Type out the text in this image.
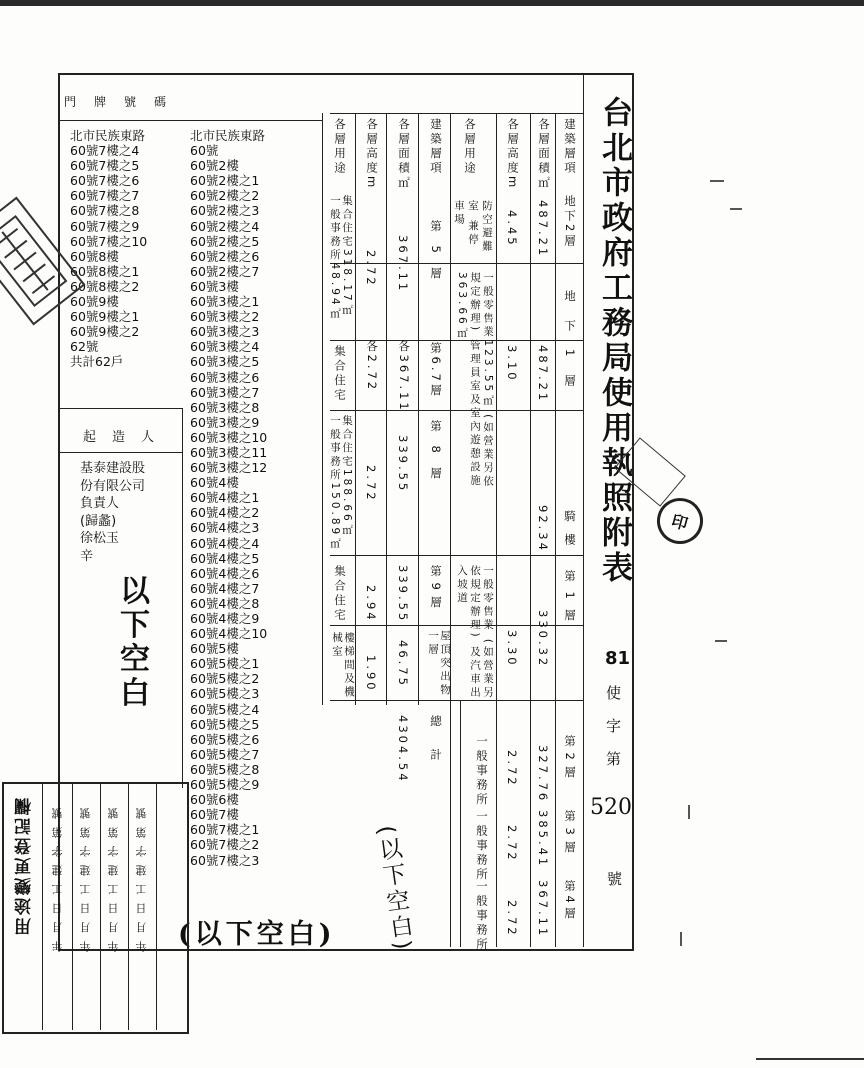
台北市政府工務局使用執照附表
81
使字第
520
號
建築層項
各層面積㎡
各層高度m
各層用途
地下2層
487.21
4.45
防空避難室 兼停車場
地下1層
487.21
3.10
一般零售業123.55㎡ (如營業另依規定辦理) 管理員室及室內遊憩設施363.66㎡
騎樓
92.34
第1層
330.32
3.30
一般零售業 (如營業另依規定辦理) 及汽車出入坡道
第2層
327.76
2.72
一般事務所
第3層
385.41
2.72
一般事務所
第4層
367.11
2.72
一般事務所
建築層項
各層面積㎡
各層高度m
各層用途
第5層
367.11
2.72
集合住宅318.17㎡ 一般事務所48.94㎡
第6.7層
各367.11
各2.72
集合住宅
第8層
339.55
2.72
集合住宅188.66㎡ 一般事務所150.89㎡
第9層
339.55
2.94
集合住宅
屋頂突出物一層
46.75
1.90
樓梯間及機械室
總計
4304.54
門牌號碼
北市民族東路
60號7樓之4
60號7樓之5
60號7樓之6
60號7樓之7
60號7樓之8
60號7樓之9
60號7樓之10
60號8樓
60號8樓之1
60號8樓之2
60號9樓
60號9樓之1
60號9樓之2
62號
共計62戶
北市民族東路
60號
60號2樓
60號2樓之1
60號2樓之2
60號2樓之3
60號2樓之4
60號2樓之5
60號2樓之6
60號2樓之7
60號3樓
60號3樓之1
60號3樓之2
60號3樓之3
60號3樓之4
60號3樓之5
60號3樓之6
60號3樓之7
60號3樓之8
60號3樓之9
60號3樓之10
60號3樓之11
60號3樓之12
60號4樓
60號4樓之1
60號4樓之2
60號4樓之3
60號4樓之4
60號4樓之5
60號4樓之6
60號4樓之7
60號4樓之8
60號4樓之9
60號4樓之10
60號5樓
60號5樓之1
60號5樓之2
60號5樓之3
60號5樓之4
60號5樓之5
60號5樓之6
60號5樓之7
60號5樓之8
60號5樓之9
60號6樓
60號7樓
60號7樓之1
60號7樓之2
60號7樓之3
起造人
基泰建設股
份有限公司
負責人
(歸蠡)
徐松玉
辛
以下空白
(以下空白) (以下空白)
用途變更登記欄 年月日工建字第號 年月日工建字第號 年月日工建字第號 年月日工建字第號
印
